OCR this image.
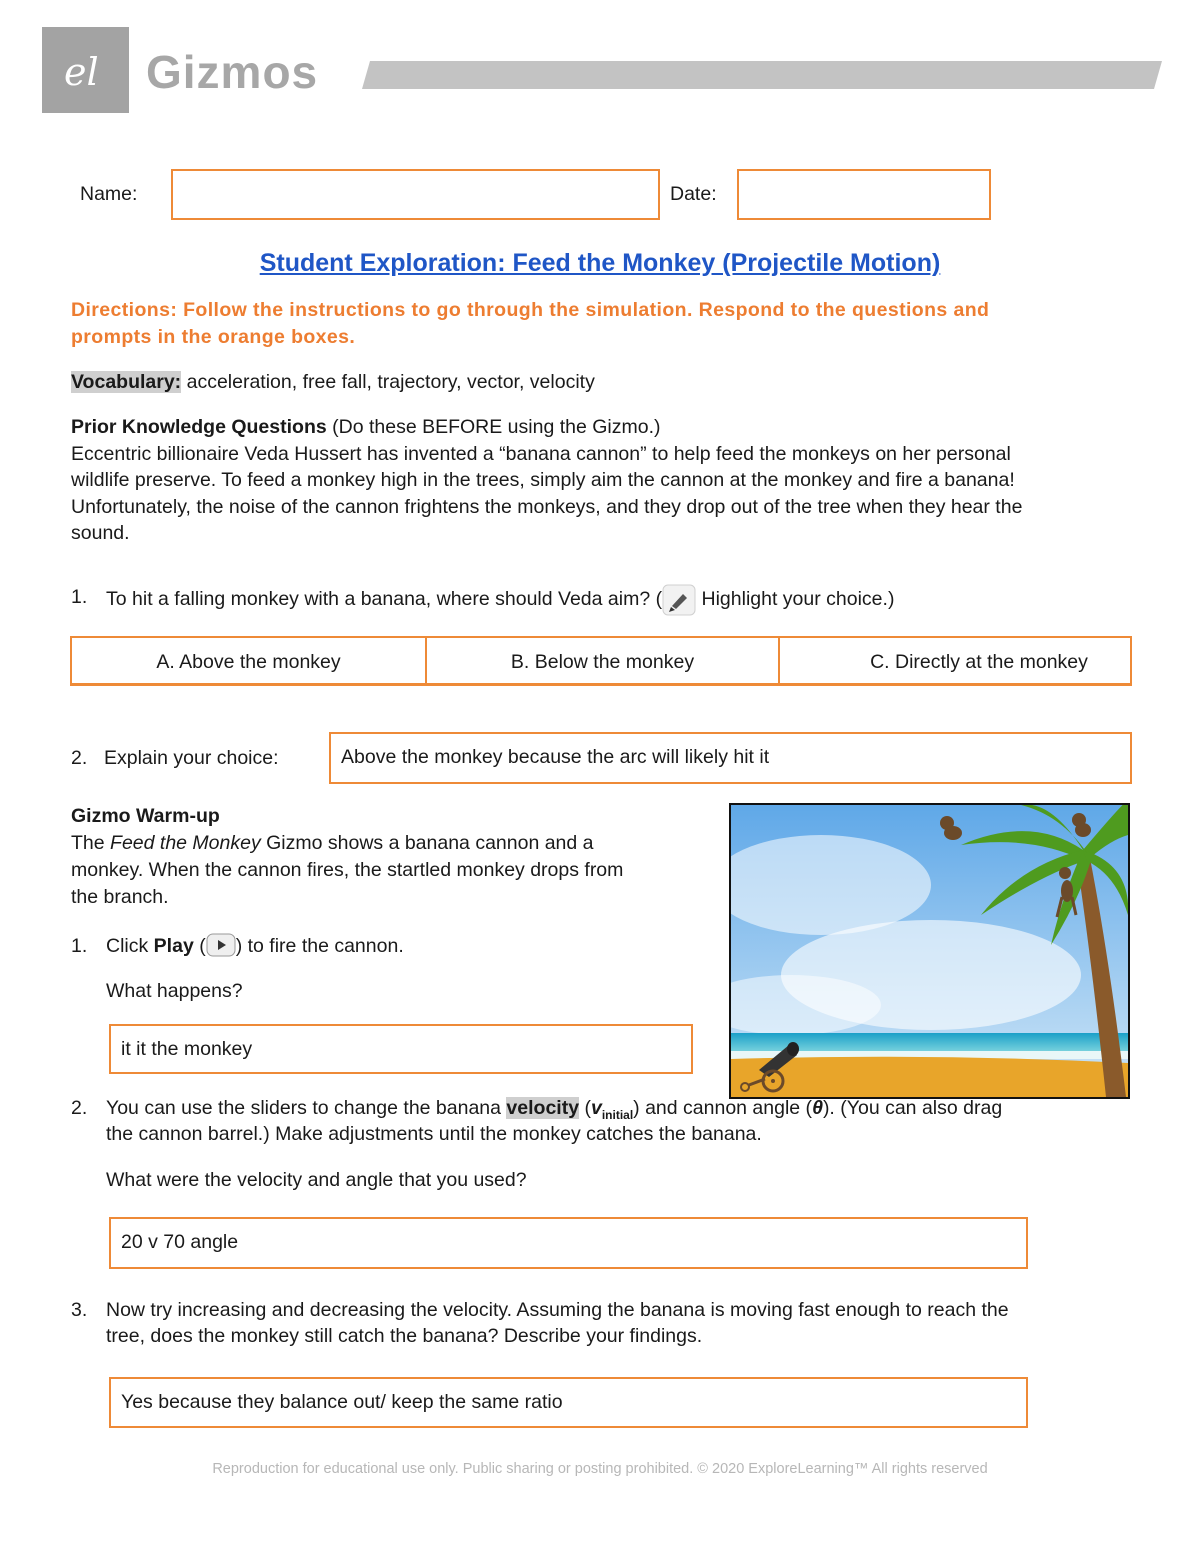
el Gizmos
Name:	Date:
Student Exploration: Feed the Monkey (Projectile Motion)
Directions: Follow the instructions to go through the simulation. Respond to the questions and
prompts in the orange boxes.
Vocabulary: acceleration, free fall, trajectory, vector, velocity
Prior Knowledge Questions (Do these BEFORE using the Gizmo.)
Eccentric billionaire Veda Hussert has invented a “banana cannon” to help feed the monkeys on her personal
wildlife preserve. To feed a monkey high in the trees, simply aim the cannon at the monkey and fire a banana!
Unfortunately, the noise of the cannon frightens the monkeys, and they drop out of the tree when they hear the
sound.
1. To hit a falling monkey with a banana, where should Veda aim? ( Highlight your choice.)
A. Above the monkey	B. Below the monkey	C. Directly at the monkey
2. Explain your choice:	Above the monkey because the arc will likely hit it
Gizmo Warm-up
The Feed the Monkey Gizmo shows a banana cannon and a
monkey. When the cannon fires, the startled monkey drops from
the branch.
1. Click Play ( ) to fire the cannon.
What happens?
it it the monkey
2. You can use the sliders to change the banana velocity $(v_{initial})$ and cannon angle (θ). (You can also drag
the cannon barrel.) Make adjustments until the monkey catches the banana.
What were the velocity and angle that you used?
20 v 70 angle
3. Now try increasing and decreasing the velocity. Assuming the banana is moving fast enough to reach the
tree, does the monkey still catch the banana? Describe your findings.
Yes because they balance out/ keep the same ratio
Reproduction for educational use only. Public sharing or posting prohibited. © 2020 ExploreLearning™ All rights reserved
